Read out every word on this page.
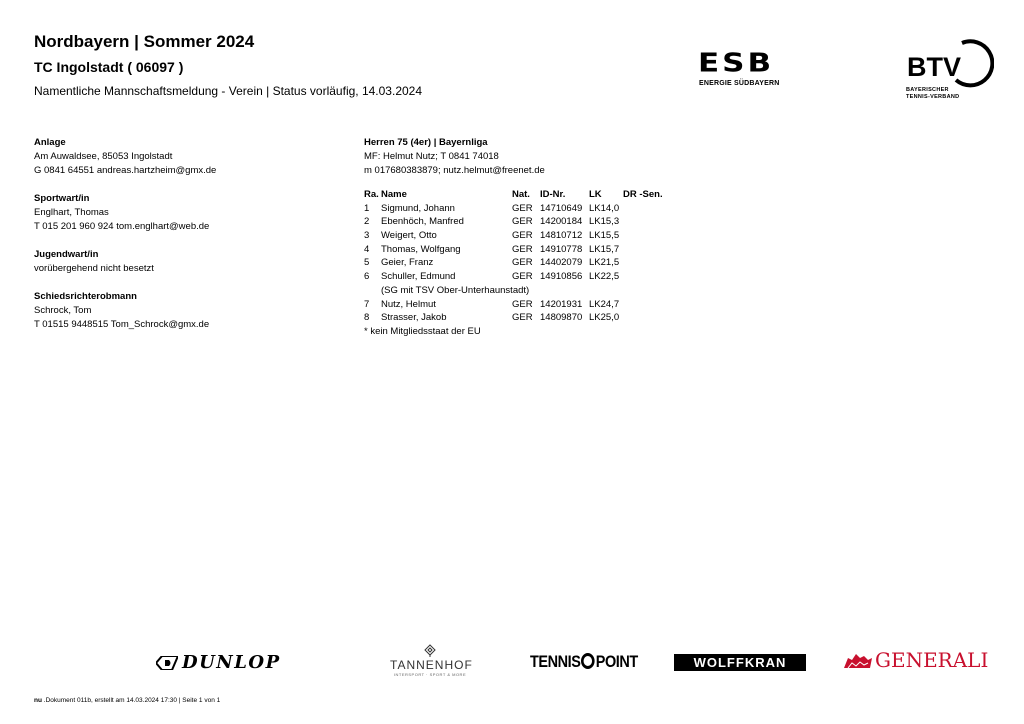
Nordbayern | Sommer 2024
TC Ingolstadt ( 06097 )
Namentliche Mannschaftsmeldung - Verein | Status vorläufig, 14.03.2024
ESB
ENERGIE SÜDBAYERN
BTV
BAYERISCHER
TENNIS-VERBAND
Anlage
Am Auwaldsee, 85053 Ingolstadt
G 0841 64551 andreas.hartzheim@gmx.de
Sportwart/in
Englhart, Thomas
T 015 201 960 924 tom.englhart@web.de
Jugendwart/in
vorübergehend nicht besetzt
Schiedsrichterobmann
Schrock, Tom
T 01515 9448515 Tom_Schrock@gmx.de
Herren 75 (4er) | Bayernliga
MF: Helmut Nutz; T 0841 74018
m 017680383879; nutz.helmut@freenet.de
Ra. Name	Nat. ID-Nr. LK DR -Sen.
1 Sigmund, Johann	GER 14710649 LK14,0
2 Ebenhöch, Manfred	GER 14200184 LK15,3
3 Weigert, Otto	GER 14810712 LK15,5
4 Thomas, Wolfgang	GER 14910778 LK15,7
5 Geier, Franz	GER 14402079 LK21,5
6 Schuller, Edmund	GER 14910856 LK22,5
(SG mit TSV Ober-Unterhaunstadt)
7 Nutz, Helmut	GER 14201931 LK24,7
8 Strasser, Jakob	GER 14809870 LK25,0
* kein Mitgliedsstaat der EU
DUNLOP	TANNENHOF
INTERSPORT · SPORT & MORE
TENNIS POINT	WOLFFKRAN	GENERALI
nu .Dokument 011b, erstellt am 14.03.2024 17:30 | Seite 1 von 1
